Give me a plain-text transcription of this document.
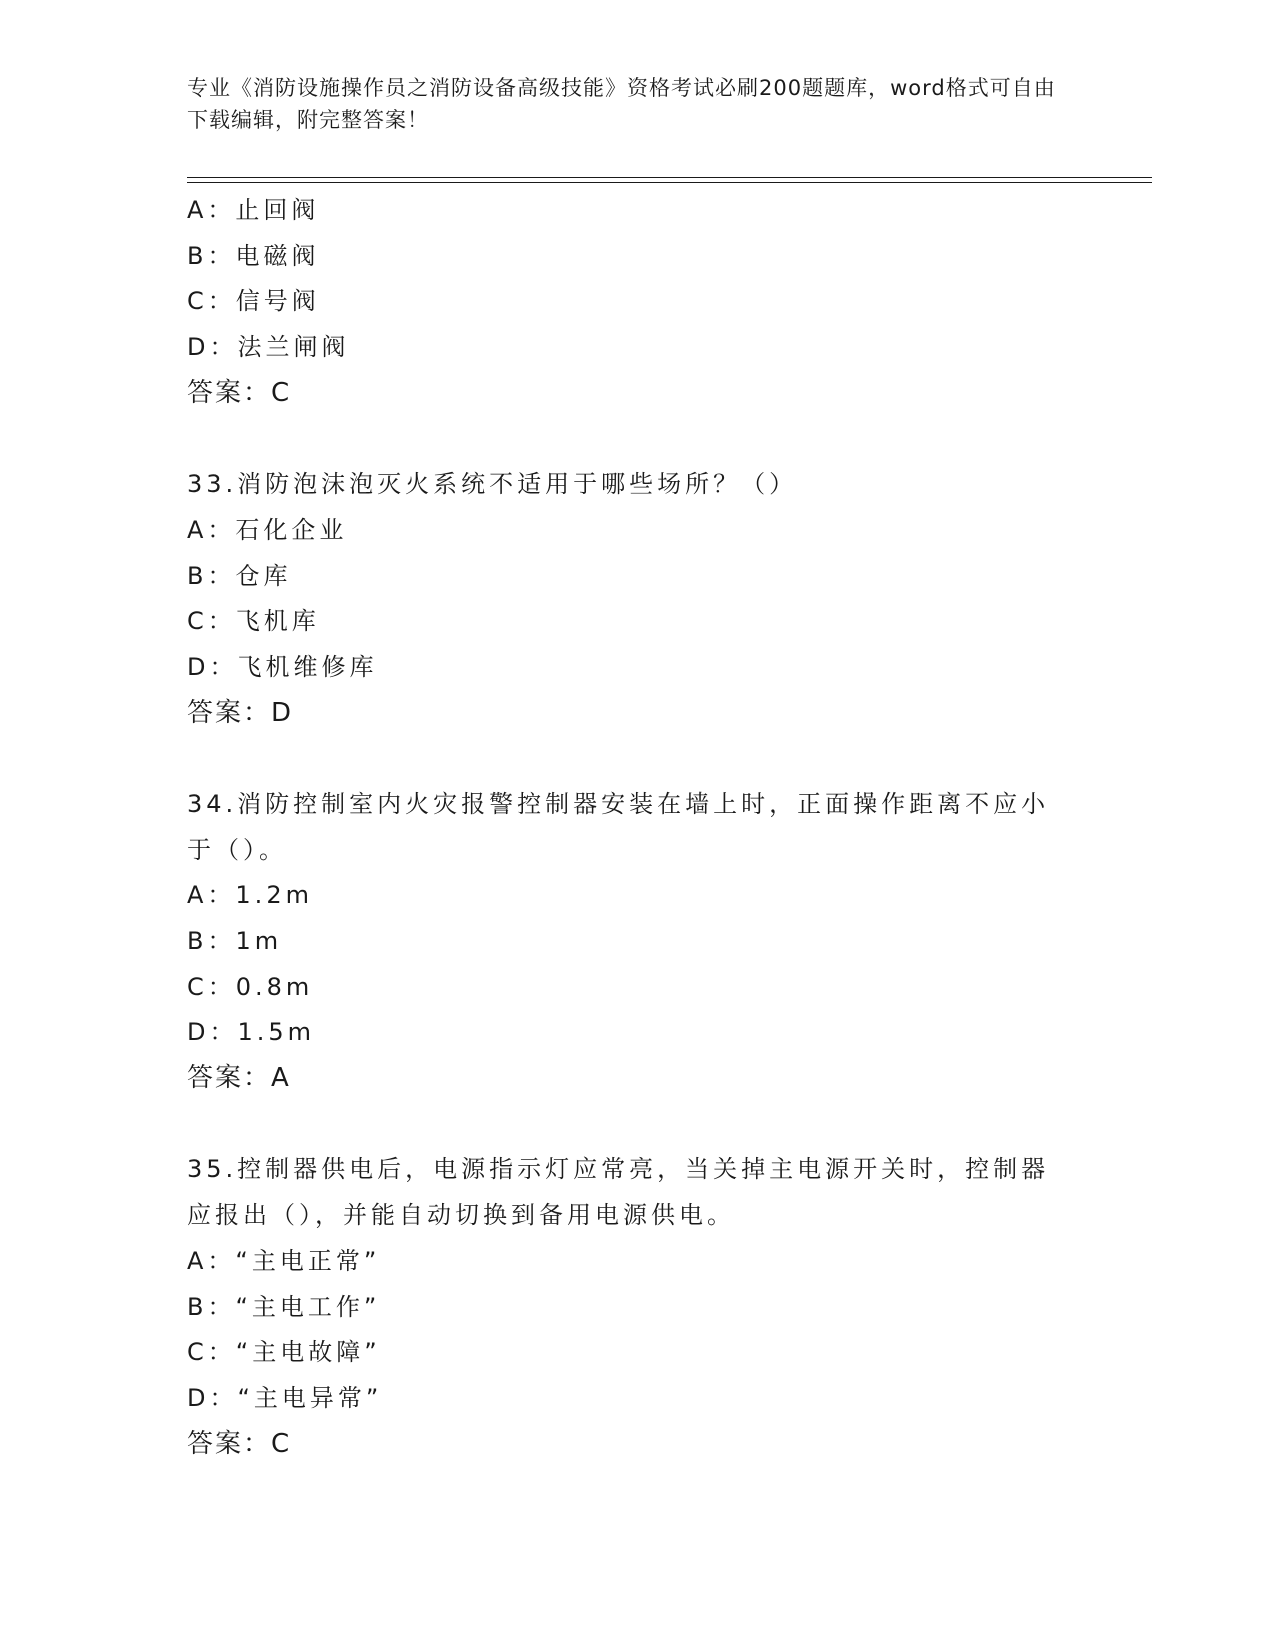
专业《消防设施操作员之消防设备高级技能》资格考试必刷200题题库，word格式可自由下载编辑，附完整答案！
A：止回阀
B：电磁阀
C：信号阀
D：法兰闸阀
答案：C
33.消防泡沫泡灭火系统不适用于哪些场所？（）
A：石化企业
B：仓库
C：飞机库
D：飞机维修库
答案：D
34.消防控制室内火灾报警控制器安装在墙上时，正面操作距离不应小于（）。
A：1.2m
B：1m
C：0.8m
D：1.5m
答案：A
35.控制器供电后，电源指示灯应常亮，当关掉主电源开关时，控制器应报出（），并能自动切换到备用电源供电。
A：“主电正常”
B：“主电工作”
C：“主电故障”
D：“主电异常”
答案：C
